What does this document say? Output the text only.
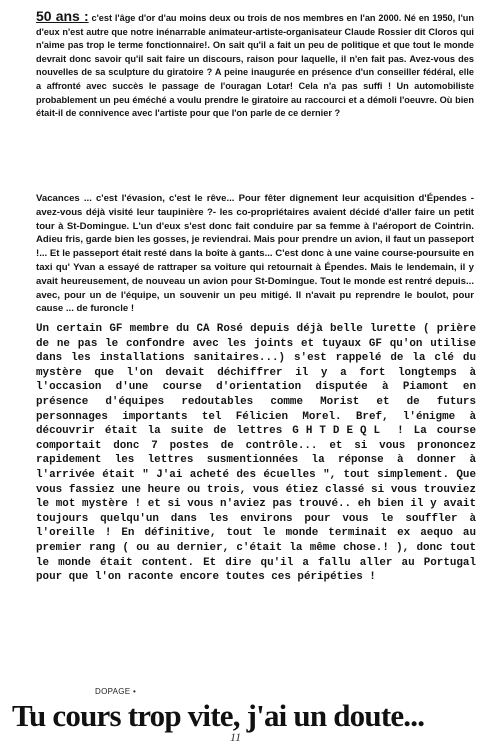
50 ans : c'est l'âge d'or d'au moins deux ou trois de nos membres en l'an 2000. Né en 1950, l'un d'eux n'est autre que notre inénarrable animateur-artiste-organisateur Claude Rossier dit Cloros qui n'aime pas trop le terme fonctionnaire!. On sait qu'il a fait un peu de politique et que tout le monde devrait donc savoir qu'il sait faire un discours, raison pour laquelle, il n'en fait pas. Avez-vous des nouvelles de sa sculpture du giratoire ? A peine inaugurée en présence d'un conseiller fédéral, elle a affronté avec succès le passage de l'ouragan Lotar! Cela n'a pas suffi ! Un automobiliste probablement un peu éméché a voulu prendre le giratoire au raccourci et a démoli l'oeuvre. Où bien était-il de connivence avec l'artiste pour que l'on parle de ce dernier ?

Vacances ... c'est l'évasion, c'est le rêve... Pour fêter dignement leur acquisition d'Épendes - avez-vous déjà visité leur taupinière ?- les co-propriétaires avaient décidé d'aller faire un petit tour à St-Domingue. L'un d'eux s'est donc fait conduire par sa femme à l'aéroport de Cointrin. Adieu fris, garde bien les gosses, je reviendrai. Mais pour prendre un avion, il faut un passeport !... Et le passeport était resté dans la boîte à gants... C'est donc à une vaine course-poursuite en taxi qu' Yvan a essayé de rattraper sa voiture qui retournait à Épendes. Mais le lendemain, il y avait heureusement, de nouveau un avion pour St-Domingue. Tout le monde est rentré depuis... avec, pour un de l'équipe, un souvenir un peu mitigé. Il n'avait pu reprendre le boulot, pour cause ... de furoncle !

Un certain GF membre du CA Rosé depuis déjà belle lurette ( prière de ne pas le confondre avec les joints et tuyaux GF qu'on utilise dans les installations sanitaires...) s'est rappelé de la clé du mystère que l'on devait déchiffrer il y a fort longtemps à l'occasion d'une course d'orientation disputée à Piamont en présence d'équipes redoutables comme Morist et de futurs personnages importants tel Félicien Morel. Bref, l'énigme à découvrir était la suite de lettres GHTDEQL ! La course comportait donc 7 postes de contrôle... et si vous prononcez rapidement les lettres susmentionnées la réponse à donner à l'arrivée était " J'ai acheté des écuelles ", tout simplement. Que vous fassiez une heure ou trois, vous étiez classé si vous trouviez le mot mystère ! et si vous n'aviez pas trouvé.. eh bien il y avait toujours quelqu'un dans les environs pour vous le souffler à l'oreille ! En définitive, tout le monde terminait ex aequo au premier rang ( ou au dernier, c'était la même chose.! ), donc tout le monde était content. Et dire qu'il a fallu aller au Portugal pour que l'on raconte encore toutes ces péripéties !

DOPAGE •
Tu cours trop vite, j'ai un doute...
11
